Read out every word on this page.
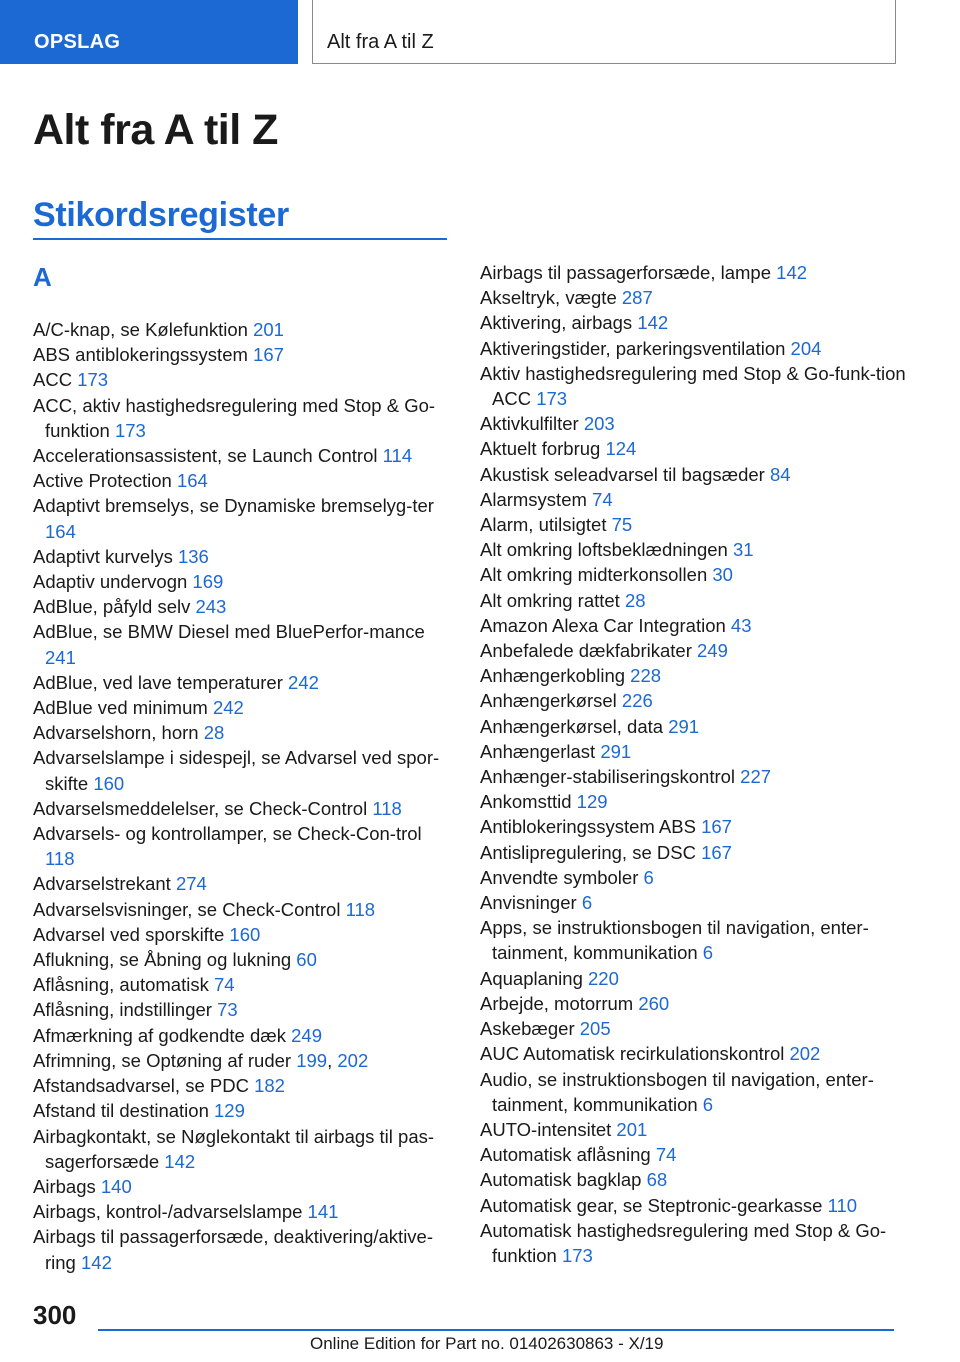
OPSLAG	Alt fra A til Z
Alt fra A til Z
Stikordsregister
A
A/C-knap, se Kølefunktion 201
ABS antiblokeringssystem 167
ACC 173
ACC, aktiv hastighedsregulering med Stop & Go-funktion 173
Accelerationsassistent, se Launch Control 114
Active Protection 164
Adaptivt bremselys, se Dynamiske bremselyg-ter 164
Adaptivt kurvelys 136
Adaptiv undervogn 169
AdBlue, påfyld selv 243
AdBlue, se BMW Diesel med BluePerfor-mance 241
AdBlue, ved lave temperaturer 242
AdBlue ved minimum 242
Advarselshorn, horn 28
Advarselslampe i sidespejl, se Advarsel ved spor-skifte 160
Advarselsmeddelelser, se Check-Control 118
Advarsels- og kontrollamper, se Check-Con-trol 118
Advarselstrekant 274
Advarselsvisninger, se Check-Control 118
Advarsel ved sporskifte 160
Aflukning, se Åbning og lukning 60
Aflåsning, automatisk 74
Aflåsning, indstillinger 73
Afmærkning af godkendte dæk 249
Afrimning, se Optøning af ruder 199, 202
Afstandsadvarsel, se PDC 182
Afstand til destination 129
Airbagkontakt, se Nøglekontakt til airbags til pas-sagerforsæde 142
Airbags 140
Airbags, kontrol-/advarselslampe 141
Airbags til passagerforsæde, deaktivering/aktive-ring 142
Airbags til passagerforsæde, lampe 142
Akseltryk, vægte 287
Aktivering, airbags 142
Aktiveringstider, parkeringsventilation 204
Aktiv hastighedsregulering med Stop & Go-funk-tion ACC 173
Aktivkulfilter 203
Aktuelt forbrug 124
Akustisk seleadvarsel til bagsæder 84
Alarmsystem 74
Alarm, utilsigtet 75
Alt omkring loftsbeklædningen 31
Alt omkring midterkonsollen 30
Alt omkring rattet 28
Amazon Alexa Car Integration 43
Anbefalede dækfabrikater 249
Anhængerkobling 228
Anhængerkørsel 226
Anhængerkørsel, data 291
Anhængerlast 291
Anhænger-stabiliseringskontrol 227
Ankomsttid 129
Antiblokeringssystem ABS 167
Antislipregulering, se DSC 167
Anvendte symboler 6
Anvisninger 6
Apps, se instruktionsbogen til navigation, enter-tainment, kommunikation 6
Aquaplaning 220
Arbejde, motorrum 260
Askebæger 205
AUC Automatisk recirkulationskontrol 202
Audio, se instruktionsbogen til navigation, enter-tainment, kommunikation 6
AUTO-intensitet 201
Automatisk aflåsning 74
Automatisk bagklap 68
Automatisk gear, se Steptronic-gearkasse 110
Automatisk hastighedsregulering med Stop & Go-funktion 173
300
Online Edition for Part no. 01402630863 - X/19
